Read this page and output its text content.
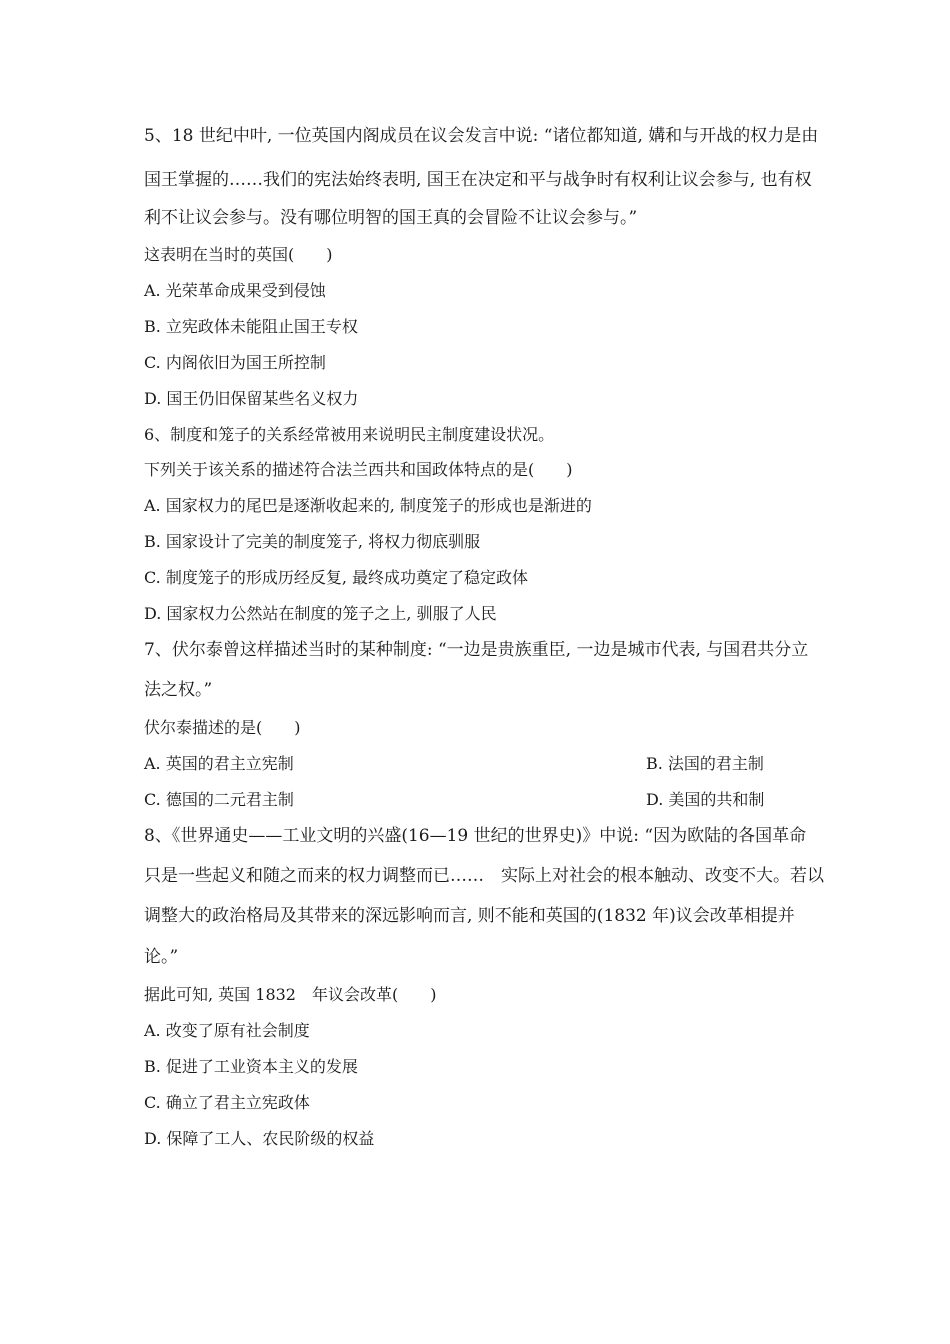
5、18 世纪中叶, 一位英国内阁成员在议会发言中说: “诸位都知道, 媾和与开战的权力是由
国王掌握的……我们的宪法始终表明, 国王在决定和平与战争时有权利让议会参与, 也有权
利不让议会参与。没有哪位明智的国王真的会冒险不让议会参与。”
这表明在当时的英国(　　)
A. 光荣革命成果受到侵蚀
B. 立宪政体未能阻止国王专权
C. 内阁依旧为国王所控制
D. 国王仍旧保留某些名义权力
6、制度和笼子的关系经常被用来说明民主制度建设状况。
下列关于该关系的描述符合法兰西共和国政体特点的是(　　)
A. 国家权力的尾巴是逐渐收起来的, 制度笼子的形成也是渐进的
B. 国家设计了完美的制度笼子, 将权力彻底驯服
C. 制度笼子的形成历经反复, 最终成功奠定了稳定政体
D. 国家权力公然站在制度的笼子之上, 驯服了人民
7、伏尔泰曾这样描述当时的某种制度: “一边是贵族重臣, 一边是城市代表, 与国君共分立
法之权。”
伏尔泰描述的是(　　)
A. 英国的君主立宪制	B. 法国的君主制
C. 德国的二元君主制	D. 美国的共和制
8、《世界通史——工业文明的兴盛(16—19 世纪的世界史)》中说: “因为欧陆的各国革命
只是一些起义和随之而来的权力调整而已……　实际上对社会的根本触动、改变不大。若以
调整大的政治格局及其带来的深远影响而言, 则不能和英国的(1832 年)议会改革相提并
论。”
据此可知, 英国 1832　年议会改革(　　)
A. 改变了原有社会制度
B. 促进了工业资本主义的发展
C. 确立了君主立宪政体
D. 保障了工人、农民阶级的权益
